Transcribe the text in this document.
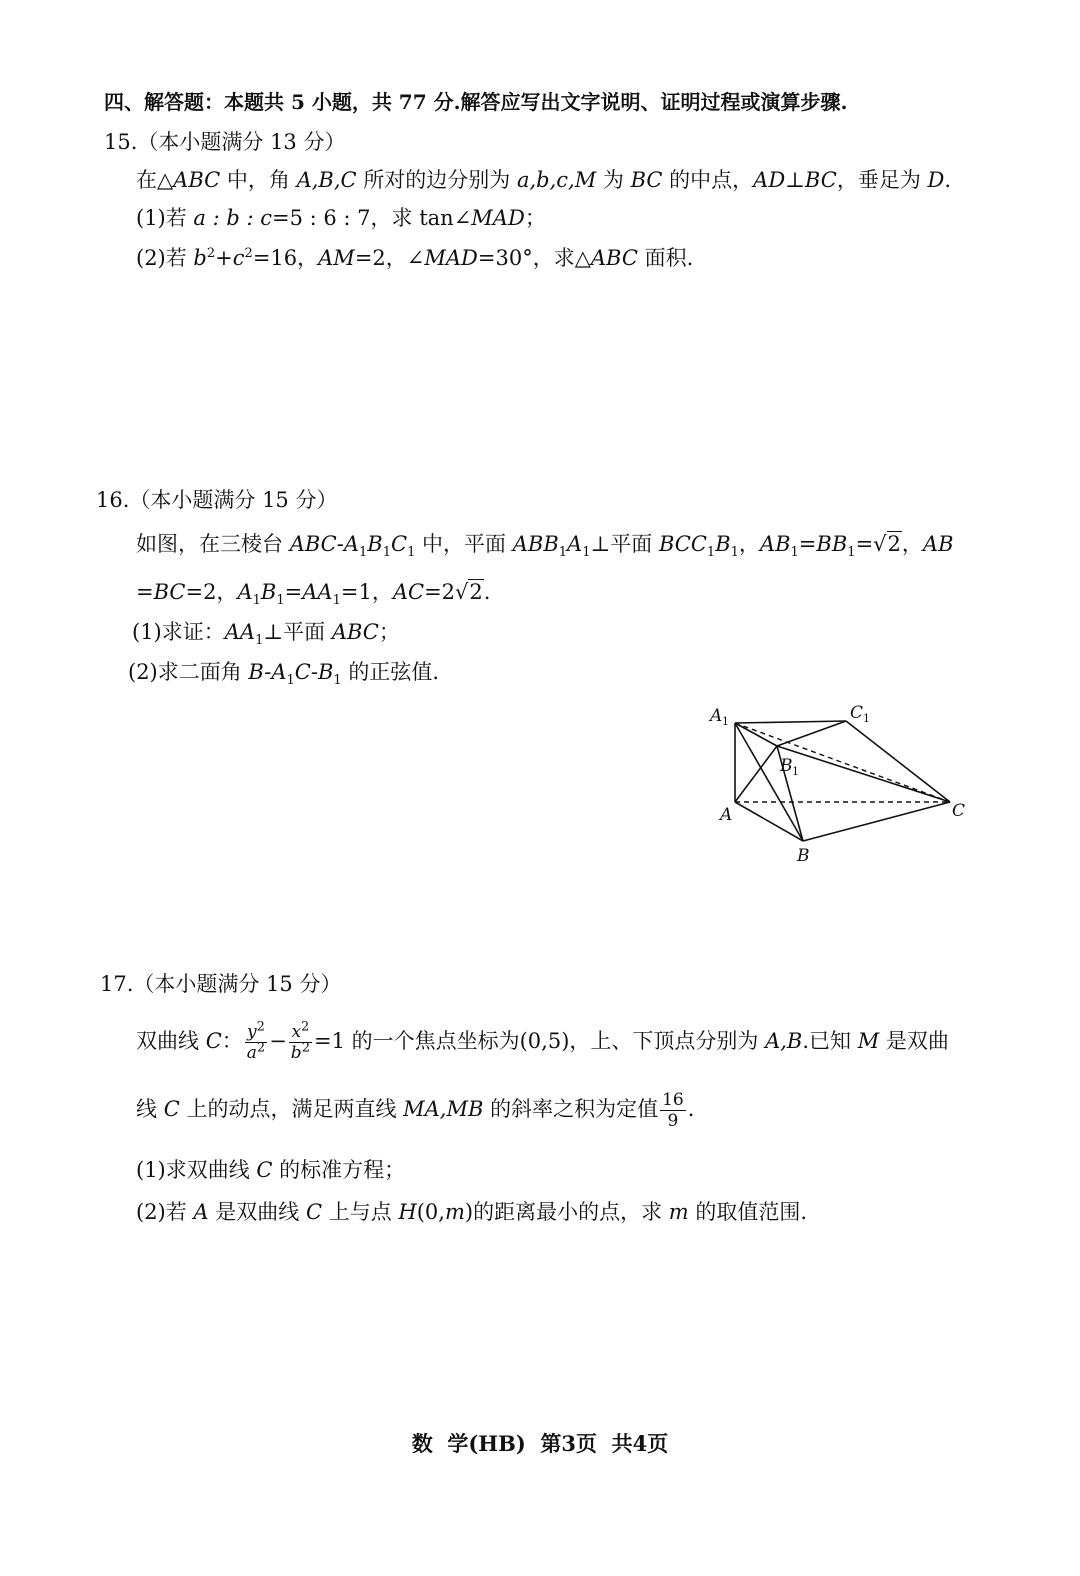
四、解答题：本题共 5 小题，共 77 分.解答应写出文字说明、证明过程或演算步骤.
15.（本小题满分 13 分）
在△ABC 中，角 A,B,C 所对的边分别为 a,b,c,M 为 BC 的中点，AD⊥BC，垂足为 D.
(1)若 a : b : c=5 : 6 : 7，求 tan∠MAD；
(2)若 $b^2+c^2=16$，AM=2，∠MAD=30°，求△ABC 面积.
16.（本小题满分 15 分）
如图，在三棱台 ABC-$A_1B_1C_1$ 中，平面 $ABB_1A_1\perp$平面 $BCC_1B_1$，$AB_1=BB_1=√2$，AB
=BC=2，$A_1B_1=AA_1=1$，AC=2√2.
(1)求证：$AA_1\perp$平面 ABC；
(2)求二面角 $B-A_1C-B_1$ 的正弦值.
A 1	C 1
B 1
A
B
C
17.（本小题满分 15 分）
双曲线 C： $\frac{y^2}{a^2} - \frac{x^2}{b^2} =1$ 的一个焦点坐标为(0,5)，上、下顶点分别为 A,B.已知 M 是双曲
线 C 上的动点，满足两直线 MA,MB 的斜率之积为定值 $\frac{16}{9}$ .
(1)求双曲线 C 的标准方程；
(2)若 A 是双曲线 C 上与点 H(0,m)的距离最小的点，求 m 的取值范围.
数  学(HB)  第3页  共4页
